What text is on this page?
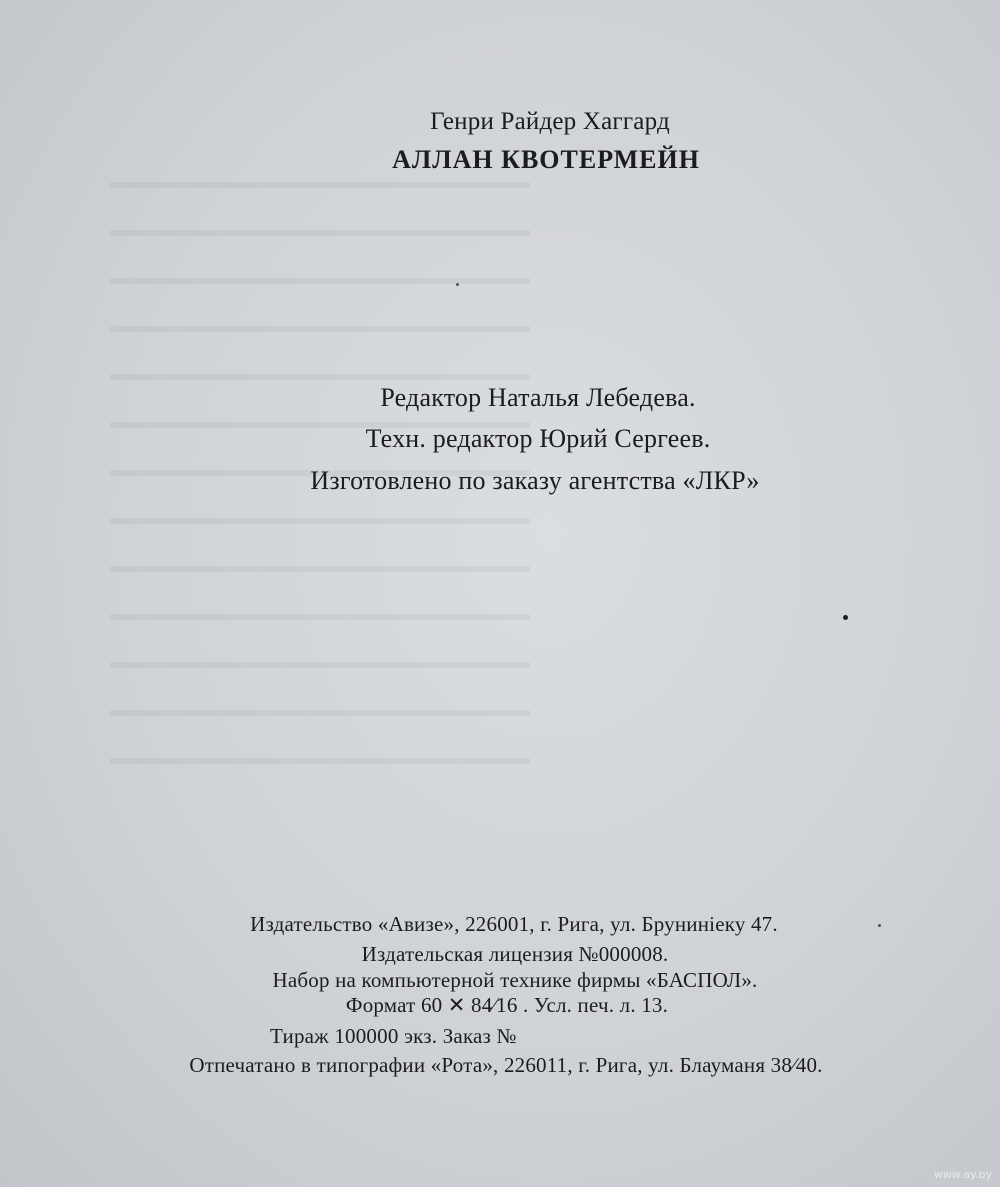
Генри Райдер Хаггард
АЛЛАН КВОТЕРМЕЙН
Редактор Наталья Лебедева.
Техн. редактор Юрий Сергеев.
Изготовлено по заказу агентства «ЛКР»
Издательство «Авизе», 226001, г. Рига, ул. Брунинieку 47.
Издательская лицензия №000008.
Набор на компьютерной технике фирмы «БАСПОЛ».
Формат 60 ✕ 84⁄16 . Усл. печ. л. 13.
Тираж 100000 экз. Заказ №
Отпечатано в типографии «Рота», 226011, г. Рига, ул. Блауманя 38⁄40.
www.ay.by
